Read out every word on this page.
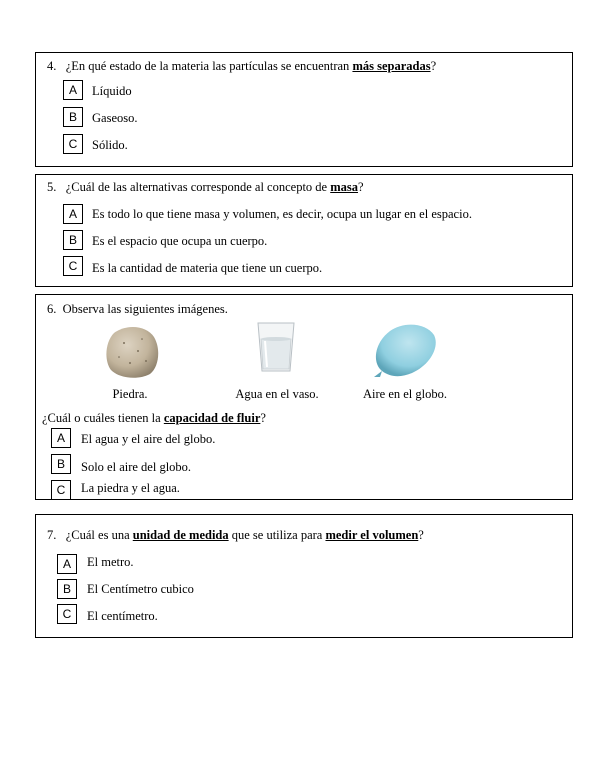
4. ¿En qué estado de la materia las partículas se encuentran más separadas?
A	Líquido
B	Gaseoso.
C	Sólido.
5. ¿Cuál de las alternativas corresponde al concepto de masa?
A	Es todo lo que tiene masa y volumen, es decir, ocupa un lugar en el espacio.
B	Es el espacio que ocupa un cuerpo.
C	Es la cantidad de materia que tiene un cuerpo.
6. Observa las siguientes imágenes.
Piedra.	Agua en el vaso.	Aire en el globo.
¿Cuál o cuáles tienen la capacidad de fluir?
A	El agua y el aire del globo.
B	Solo el aire del globo.
C	La piedra y el agua.
7. ¿Cuál es una unidad de medida que se utiliza para medir el volumen?
A	El metro.
B	El Centímetro cubico
C	El centímetro.
